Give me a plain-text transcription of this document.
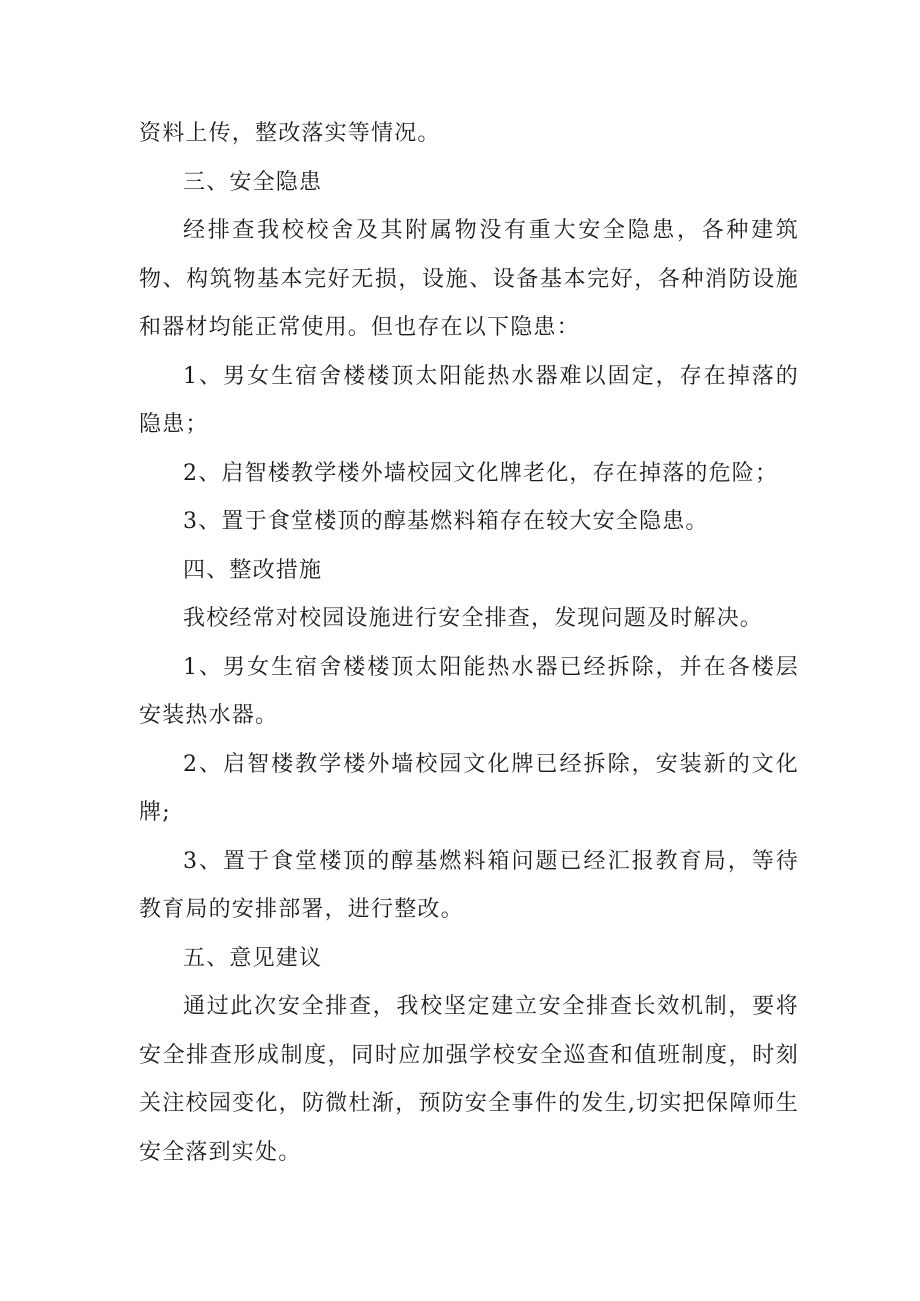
资料上传，整改落实等情况。

三、安全隐患

经排查我校校舍及其附属物没有重大安全隐患，各种建筑物、构筑物基本完好无损，设施、设备基本完好，各种消防设施和器材均能正常使用。但也存在以下隐患：

1、男女生宿舍楼楼顶太阳能热水器难以固定，存在掉落的隐患；

2、启智楼教学楼外墙校园文化牌老化，存在掉落的危险；

3、置于食堂楼顶的醇基燃料箱存在较大安全隐患。

四、整改措施

我校经常对校园设施进行安全排查，发现问题及时解决。

1、男女生宿舍楼楼顶太阳能热水器已经拆除，并在各楼层安装热水器。

2、启智楼教学楼外墙校园文化牌已经拆除，安装新的文化牌;

3、置于食堂楼顶的醇基燃料箱问题已经汇报教育局，等待教育局的安排部署，进行整改。

五、意见建议

通过此次安全排查，我校坚定建立安全排查长效机制，要将安全排查形成制度，同时应加强学校安全巡查和值班制度，时刻关注校园变化，防微杜渐，预防安全事件的发生,切实把保障师生安全落到实处。
